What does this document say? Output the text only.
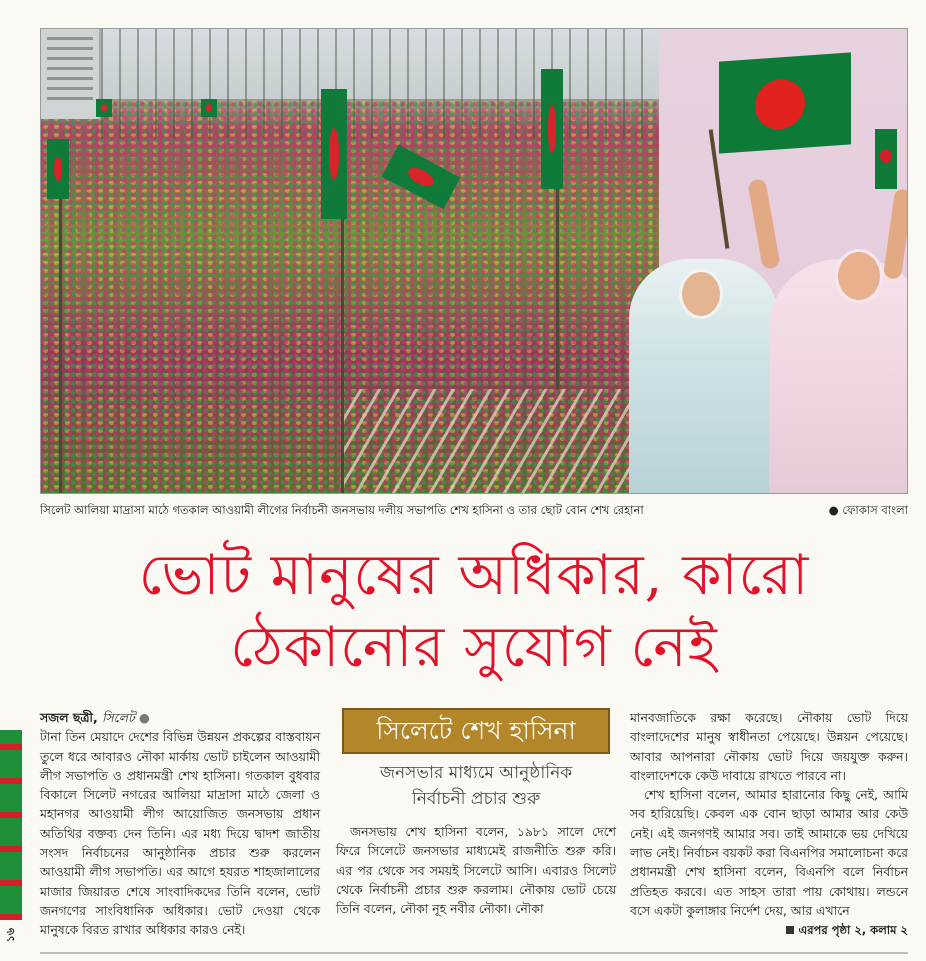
১৬
সিলেট আলিয়া মাদ্রাসা মাঠে গতকাল আওয়ামী লীগের নির্বাচনী জনসভায় দলীয় সভাপতি শেখ হাসিনা ও তার ছোট বোন শেখ রেহানা	● ফোকাস বাংলা
ভোট মানুষের অধিকার, কারো
ঠেকানোর সুযোগ নেই
সজল ছত্রী, সিলেট ●
টানা তিন মেয়াদে দেশের বিভিন্ন উন্নয়ন প্রকল্পের বাস্তবায়ন তুলে ধরে আবারও নৌকা মার্কায় ভোট চাইলেন আওয়ামী লীগ সভাপতি ও প্রধানমন্ত্রী শেখ হাসিনা। গতকাল বুধবার বিকালে সিলেট নগরের আলিয়া মাদ্রাসা মাঠে জেলা ও মহানগর আওয়ামী লীগ আয়োজিত জনসভায় প্রধান অতিথির বক্তব্য দেন তিনি। এর মধ্য দিয়ে দ্বাদশ জাতীয় সংসদ নির্বাচনের আনুষ্ঠানিক প্রচার শুরু করলেন আওয়ামী লীগ সভাপতি। এর আগে হযরত শাহজালালের মাজার জিয়ারত শেষে সাংবাদিকদের তিনি বলেন, ভোট জনগণের সাংবিধানিক অধিকার। ভোট দেওয়া থেকে মানুষকে বিরত রাখার অধিকার কারও নেই।
সিলেটে শেখ হাসিনা
জনসভার মাধ্যমে আনুষ্ঠানিক
নির্বাচনী প্রচার শুরু
জনসভায় শেখ হাসিনা বলেন, ১৯৮১ সালে দেশে ফিরে সিলেটে জনসভার মাধ্যমেই রাজনীতি শুরু করি। এর পর থেকে সব সময়ই সিলেটে আসি। এবারও সিলেট থেকে নির্বাচনী প্রচার শুরু করলাম। নৌকায় ভোট চেয়ে তিনি বলেন, নৌকা নূহ নবীর নৌকা। নৌকা
মানবজাতিকে রক্ষা করেছে। নৌকায় ভোট দিয়ে বাংলাদেশের মানুষ স্বাধীনতা পেয়েছে। উন্নয়ন পেয়েছে। আবার আপনারা নৌকায় ভোট দিয়ে জয়যুক্ত করুন। বাংলাদেশকে কেউ দাবায়ে রাখতে পারবে না।
শেখ হাসিনা বলেন, আমার হারানোর কিছু নেই, আমি সব হারিয়েছি। কেবল এক বোন ছাড়া আমার আর কেউ নেই। এই জনগণই আমার সব। তাই আমাকে ভয় দেখিয়ে লাভ নেই। নির্বাচন বয়কট করা বিএনপির সমালোচনা করে প্রধানমন্ত্রী শেখ হাসিনা বলেন, বিএনপি বলে নির্বাচন প্রতিহত করবে। এত সাহস তারা পায় কোথায়। লন্ডনে বসে একটা কুলাঙ্গার নির্দেশ দেয়, আর এখানে
এরপর পৃষ্ঠা ২, কলাম ২
